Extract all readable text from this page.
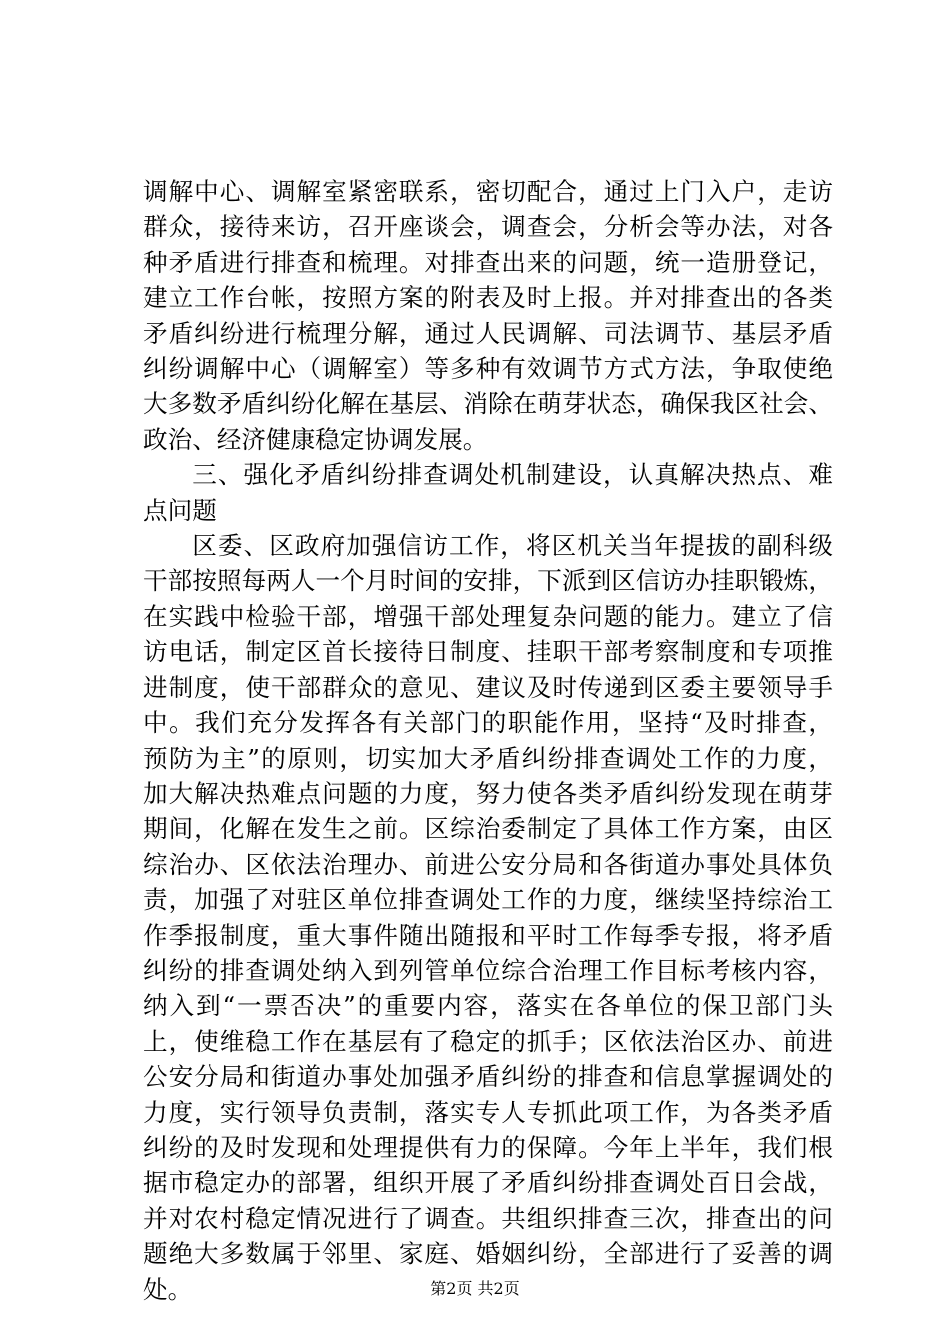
调解中心、调解室紧密联系，密切配合，通过上门入户，走访
群众，接待来访，召开座谈会，调查会，分析会等办法，对各
种矛盾进行排查和梳理。对排查出来的问题，统一造册登记，
建立工作台帐，按照方案的附表及时上报。并对排查出的各类
矛盾纠纷进行梳理分解，通过人民调解、司法调节、基层矛盾
纠纷调解中心（调解室）等多种有效调节方式方法，争取使绝
大多数矛盾纠纷化解在基层、消除在萌芽状态，确保我区社会、
政治、经济健康稳定协调发展。
三、强化矛盾纠纷排查调处机制建设，认真解决热点、难
点问题
区委、区政府加强信访工作，将区机关当年提拔的副科级
干部按照每两人一个月时间的安排，下派到区信访办挂职锻炼，
在实践中检验干部，增强干部处理复杂问题的能力。建立了信
访电话，制定区首长接待日制度、挂职干部考察制度和专项推
进制度，使干部群众的意见、建议及时传递到区委主要领导手
中。我们充分发挥各有关部门的职能作用，坚持“及时排查，
预防为主”的原则，切实加大矛盾纠纷排查调处工作的力度，
加大解决热难点问题的力度，努力使各类矛盾纠纷发现在萌芽
期间，化解在发生之前。区综治委制定了具体工作方案，由区
综治办、区依法治理办、前进公安分局和各街道办事处具体负
责，加强了对驻区单位排查调处工作的力度，继续坚持综治工
作季报制度，重大事件随出随报和平时工作每季专报，将矛盾
纠纷的排查调处纳入到列管单位综合治理工作目标考核内容，
纳入到“一票否决”的重要内容，落实在各单位的保卫部门头
上，使维稳工作在基层有了稳定的抓手；区依法治区办、前进
公安分局和街道办事处加强矛盾纠纷的排查和信息掌握调处的
力度，实行领导负责制，落实专人专抓此项工作，为各类矛盾
纠纷的及时发现和处理提供有力的保障。今年上半年，我们根
据市稳定办的部署，组织开展了矛盾纠纷排查调处百日会战，
并对农村稳定情况进行了调查。共组织排查三次，排查出的问
题绝大多数属于邻里、家庭、婚姻纠纷，全部进行了妥善的调
处。	第2页 共2页
